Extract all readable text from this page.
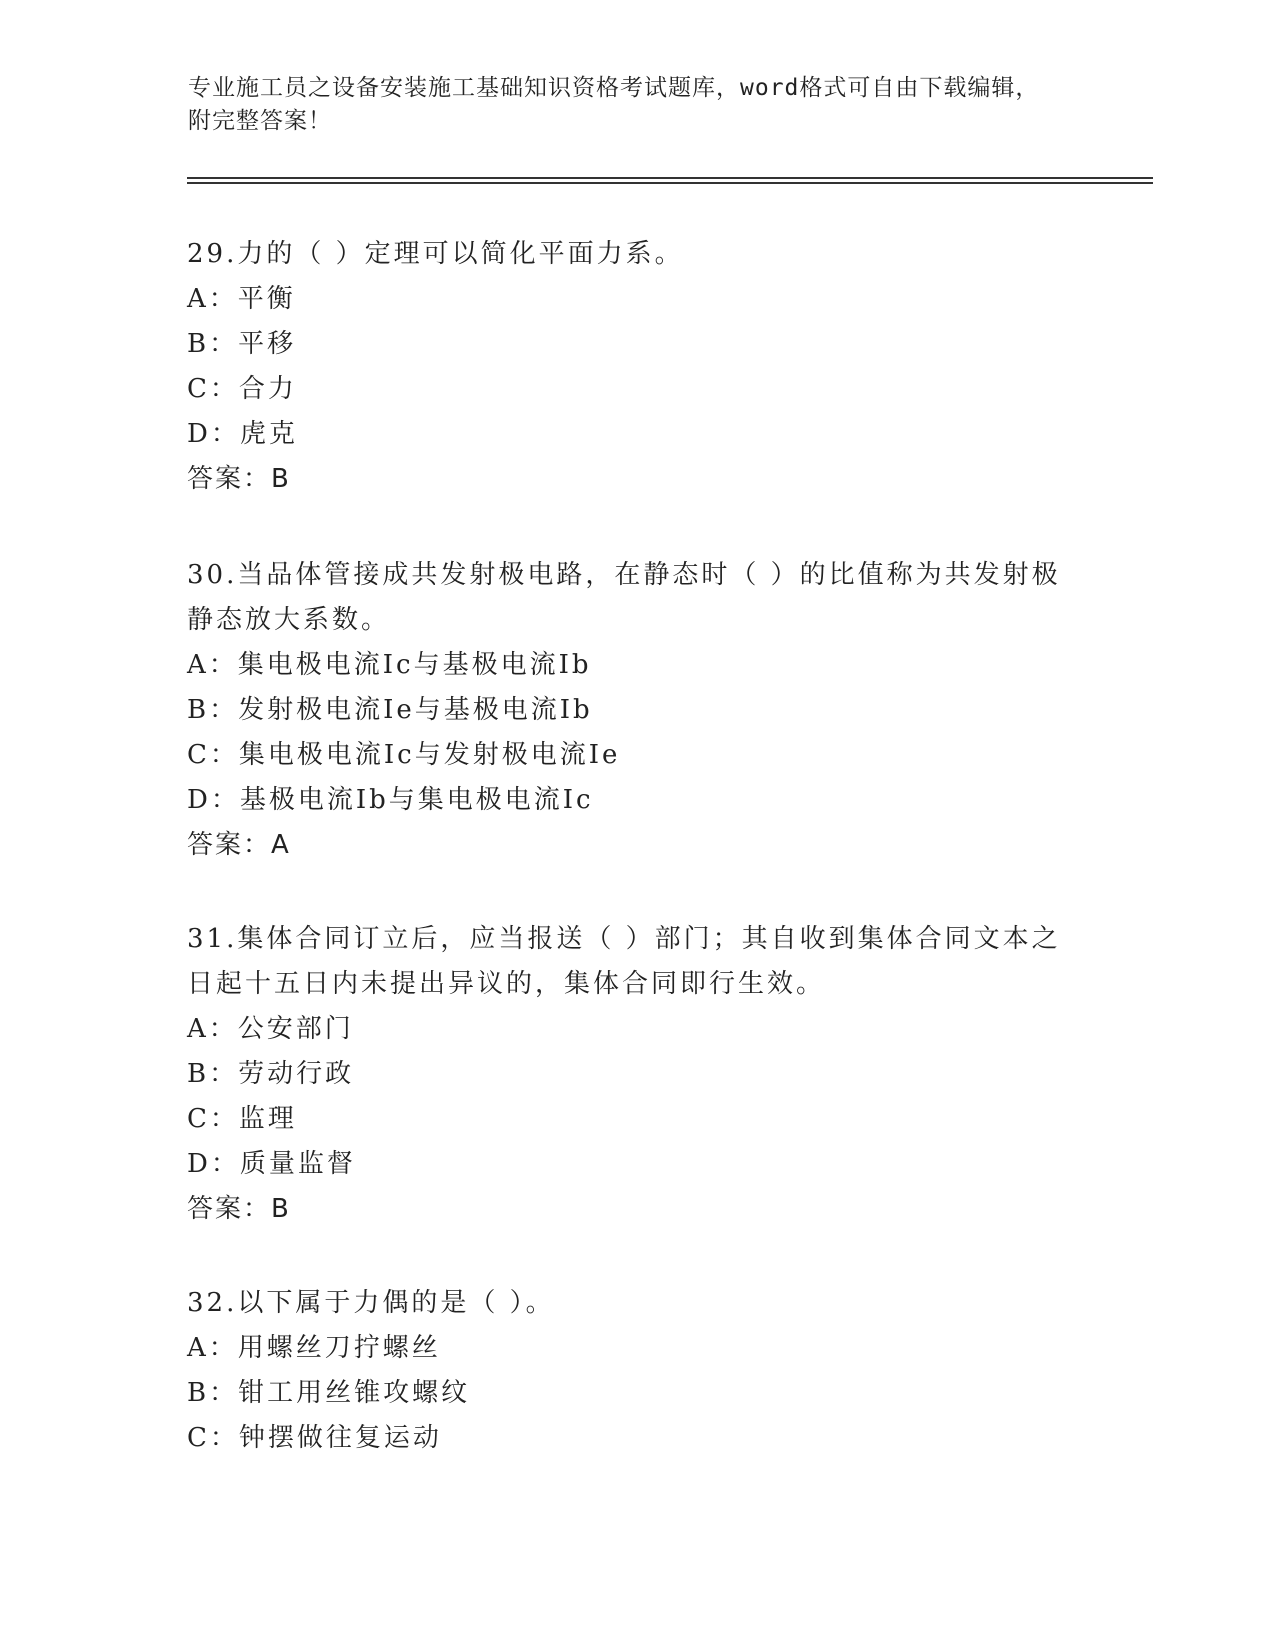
专业施工员之设备安装施工基础知识资格考试题库，word格式可自由下载编辑，
附完整答案！
29.力的（ ）定理可以简化平面力系。
A：平衡
B：平移
C：合力
D：虎克
答案：B
30.当品体管接成共发射极电路，在静态时（ ）的比值称为共发射极静态放大系数。
A：集电极电流Ic与基极电流Ib
B：发射极电流Ie与基极电流Ib
C：集电极电流Ic与发射极电流Ie
D：基极电流Ib与集电极电流Ic
答案：A
31.集体合同订立后，应当报送（ ）部门；其自收到集体合同文本之日起十五日内未提出异议的，集体合同即行生效。
A：公安部门
B：劳动行政
C：监理
D：质量监督
答案：B
32.以下属于力偶的是（ ）。
A：用螺丝刀拧螺丝
B：钳工用丝锥攻螺纹
C：钟摆做往复运动
